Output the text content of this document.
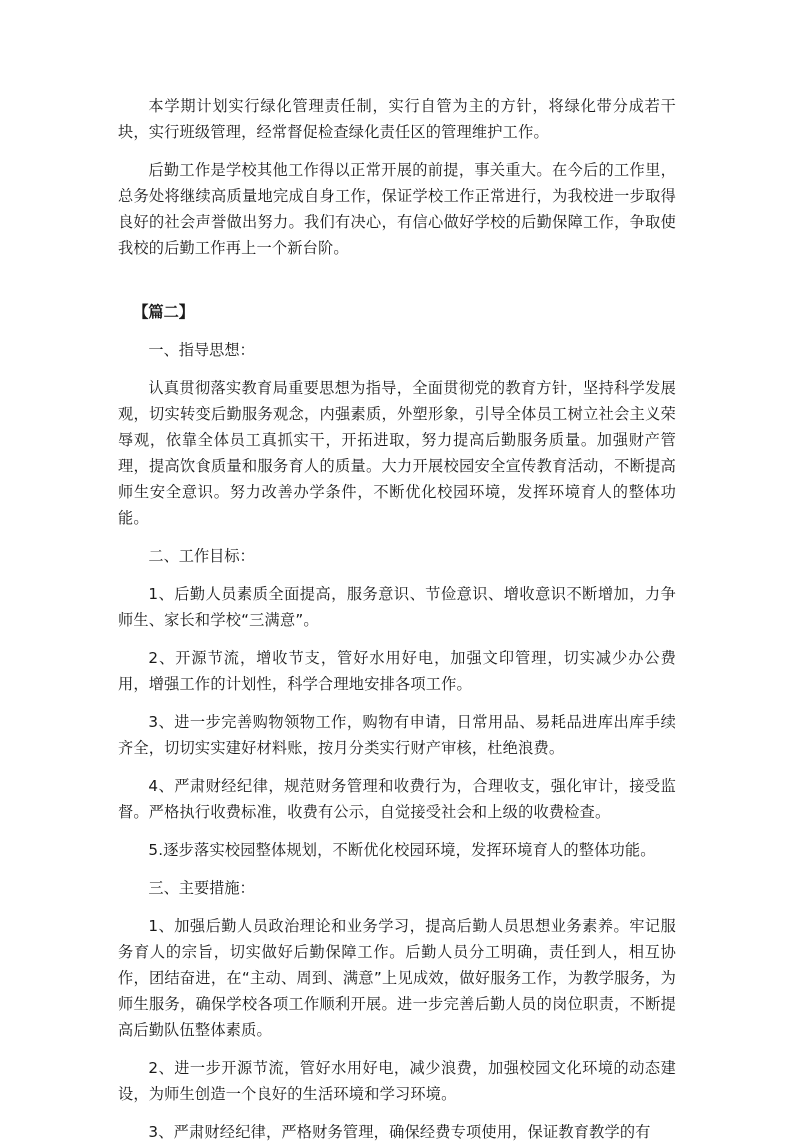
本学期计划实行绿化管理责任制，实行自管为主的方针，将绿化带分成若干块，实行班级管理，经常督促检查绿化责任区的管理维护工作。

后勤工作是学校其他工作得以正常开展的前提，事关重大。在今后的工作里，总务处将继续高质量地完成自身工作，保证学校工作正常进行，为我校进一步取得良好的社会声誉做出努力。我们有决心，有信心做好学校的后勤保障工作，争取使我校的后勤工作再上一个新台阶。

【篇二】

一、指导思想：

认真贯彻落实教育局重要思想为指导，全面贯彻党的教育方针，坚持科学发展观，切实转变后勤服务观念，内强素质，外塑形象，引导全体员工树立社会主义荣辱观，依靠全体员工真抓实干，开拓进取，努力提高后勤服务质量。加强财产管理，提高饮食质量和服务育人的质量。大力开展校园安全宣传教育活动，不断提高师生安全意识。努力改善办学条件，不断优化校园环境，发挥环境育人的整体功能。

二、工作目标：

1、后勤人员素质全面提高，服务意识、节俭意识、增收意识不断增加，力争师生、家长和学校“三满意”。

2、开源节流，增收节支，管好水用好电，加强文印管理，切实减少办公费用，增强工作的计划性，科学合理地安排各项工作。

3、进一步完善购物领物工作，购物有申请，日常用品、易耗品进库出库手续齐全，切切实实建好材料账，按月分类实行财产审核，杜绝浪费。

4、严肃财经纪律，规范财务管理和收费行为，合理收支，强化审计，接受监督。严格执行收费标准，收费有公示，自觉接受社会和上级的收费检查。

5.逐步落实校园整体规划，不断优化校园环境，发挥环境育人的整体功能。

三、主要措施：

1、加强后勤人员政治理论和业务学习，提高后勤人员思想业务素养。牢记服务育人的宗旨，切实做好后勤保障工作。后勤人员分工明确，责任到人，相互协作，团结奋进，在“主动、周到、满意”上见成效，做好服务工作，为教学服务，为师生服务，确保学校各项工作顺利开展。进一步完善后勤人员的岗位职责，不断提高后勤队伍整体素质。

2、进一步开源节流，管好水用好电，减少浪费，加强校园文化环境的动态建设，为师生创造一个良好的生活环境和学习环境。

3、严肃财经纪律，严格财务管理，确保经费专项使用，保证教育教学的有
